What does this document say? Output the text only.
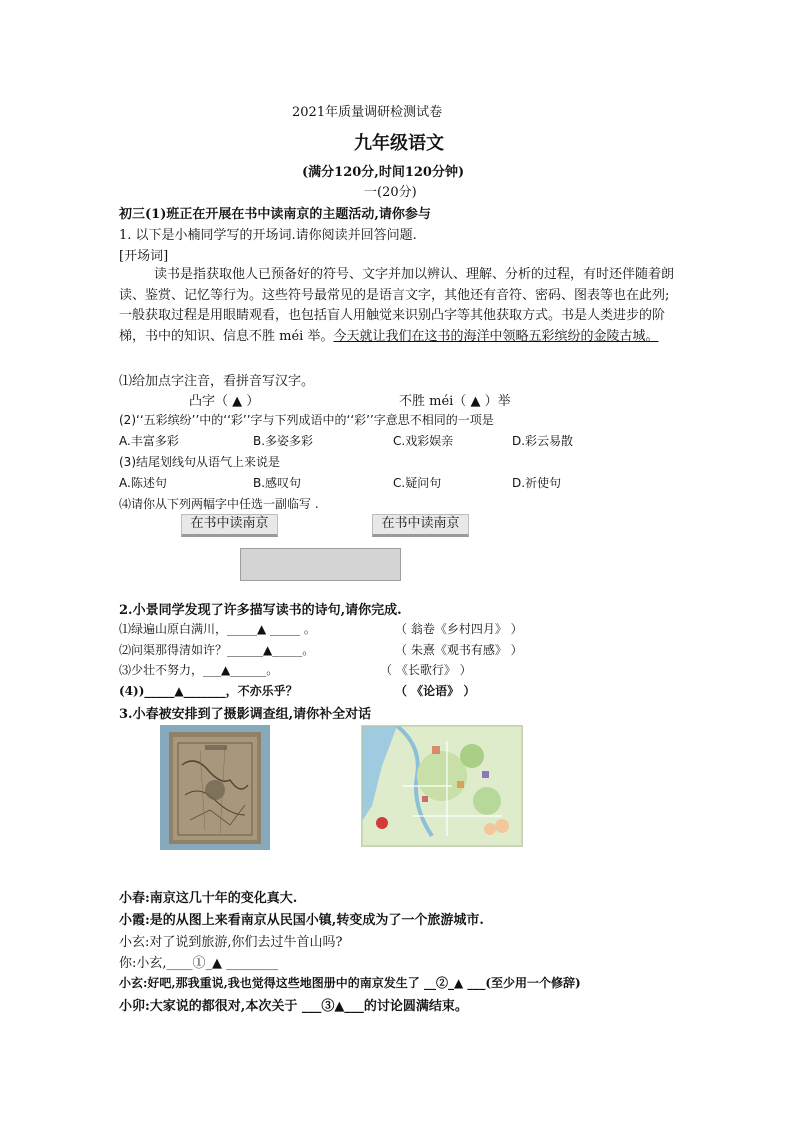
2021年质量调研检测试卷
九年级语文
(满分120分,时间120分钟)
一(20分)
初三(1)班正在开展在书中读南京的主题活动,请你参与
1. 以下是小楠同学写的开场词.请你阅读并回答问题.
[开场词]
读书是指获取他人已预备好的符号、文字并加以辨认、理解、分析的过程，有时还伴随着朗读、鉴赏、记忆等行为。这些符号最常见的是语言文字，其他还有音符、密码、图表等也在此列;一般获取过程是用眼睛观看，也包括盲人用触觉来识别凸字等其他获取方式。书是人类进步的阶梯，书中的知识、信息不胜 méi 举。今天就让我们在这书的海洋中领略五彩缤纷的金陵古城。
⑴给加点字注音，看拼音写汉字。
凸字（ ▲ ）	不胜 méi（ ▲ ）举
(2)‘‘五彩缤纷’’中的‘‘彩’’字与下列成语中的‘‘彩’’字意思不相同的一项是
A.丰富多彩	B.多姿多彩	C.戏彩娱亲	D.彩云易散
(3)结尾划线句从语气上来说是
A.陈述句	B.感叹句	C.疑问句	D.祈使句
⑷请你从下列两幅字中任选一副临写 .
在书中读南京	在书中读南京
2.小景同学发现了许多描写读书的诗句,请你完成.
⑴绿遍山原白满川，_____▲ _____ 。	（ 翁卷《乡村四月》 ）
⑵问渠那得清如许？______▲_____。	（ 朱熹《观书有感》 ）
⑶少壮不努力，___▲______。	（ 《长歌行》 ）
(4))_____▲_______，不亦乐乎？	（ 《论语》 ）
3.小春被安排到了摄影调查组,请你补全对话
小春:南京这几十年的变化真大.
小霞:是的从图上来看南京从民国小镇,转变成为了一个旅游城市.
小玄:对了说到旅游,你们去过牛首山吗?
你:小玄,____①_▲ ________
小玄:好吧,那我重说,我也觉得这些地图册中的南京发生了 __②_▲ ___(至少用一个修辞)
小卯:大家说的都很对,本次关于 ___③▲___的讨论圆满结束。
